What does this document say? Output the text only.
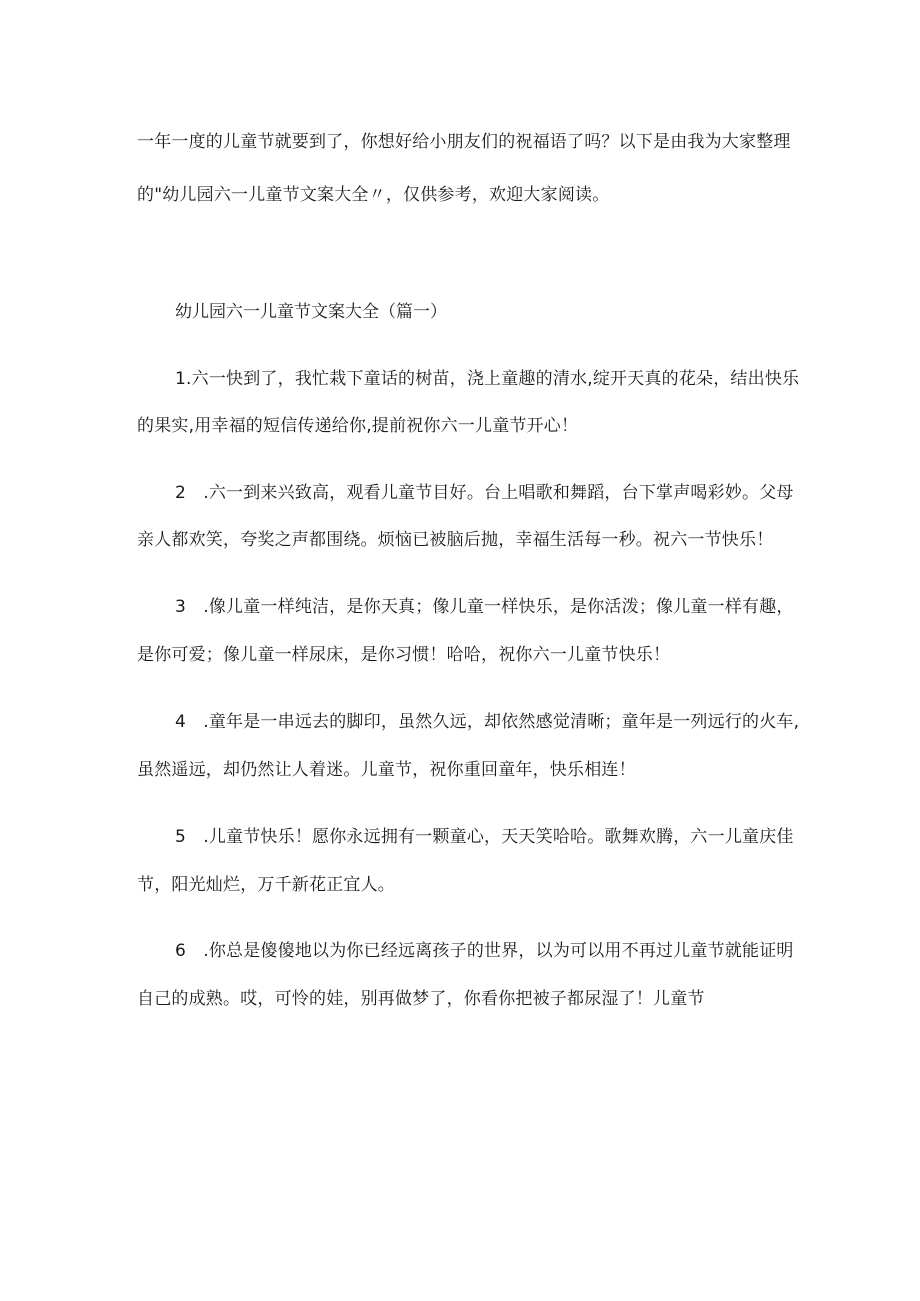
一年一度的儿童节就要到了，你想好给小朋友们的祝福语了吗？以下是由我为大家整理
的"幼儿园六一儿童节文案大全〃，仅供参考，欢迎大家阅读。
幼儿园六一儿童节文案大全（篇一）
1.六一快到了，我忙栽下童话的树苗，浇上童趣的清水,绽开天真的花朵，结出快乐
的果实,用幸福的短信传递给你,提前祝你六一儿童节开心！
2　.六一到来兴致高，观看儿童节目好。台上唱歌和舞蹈，台下掌声喝彩妙。父母
亲人都欢笑，夸奖之声都围绕。烦恼已被脑后抛，幸福生活每一秒。祝六一节快乐！
3　.像儿童一样纯洁，是你天真；像儿童一样快乐，是你活泼；像儿童一样有趣，
是你可爱；像儿童一样尿床，是你习惯！哈哈，祝你六一儿童节快乐！
4　.童年是一串远去的脚印，虽然久远，却依然感觉清晰；童年是一列远行的火车,
虽然遥远，却仍然让人着迷。儿童节，祝你重回童年，快乐相连！
5　.儿童节快乐！愿你永远拥有一颗童心，天天笑哈哈。歌舞欢腾，六一儿童庆佳
节，阳光灿烂，万千新花正宜人。
6　.你总是傻傻地以为你已经远离孩子的世界，以为可以用不再过儿童节就能证明
自己的成熟。哎，可怜的娃，别再做梦了，你看你把被子都尿湿了！儿童节
